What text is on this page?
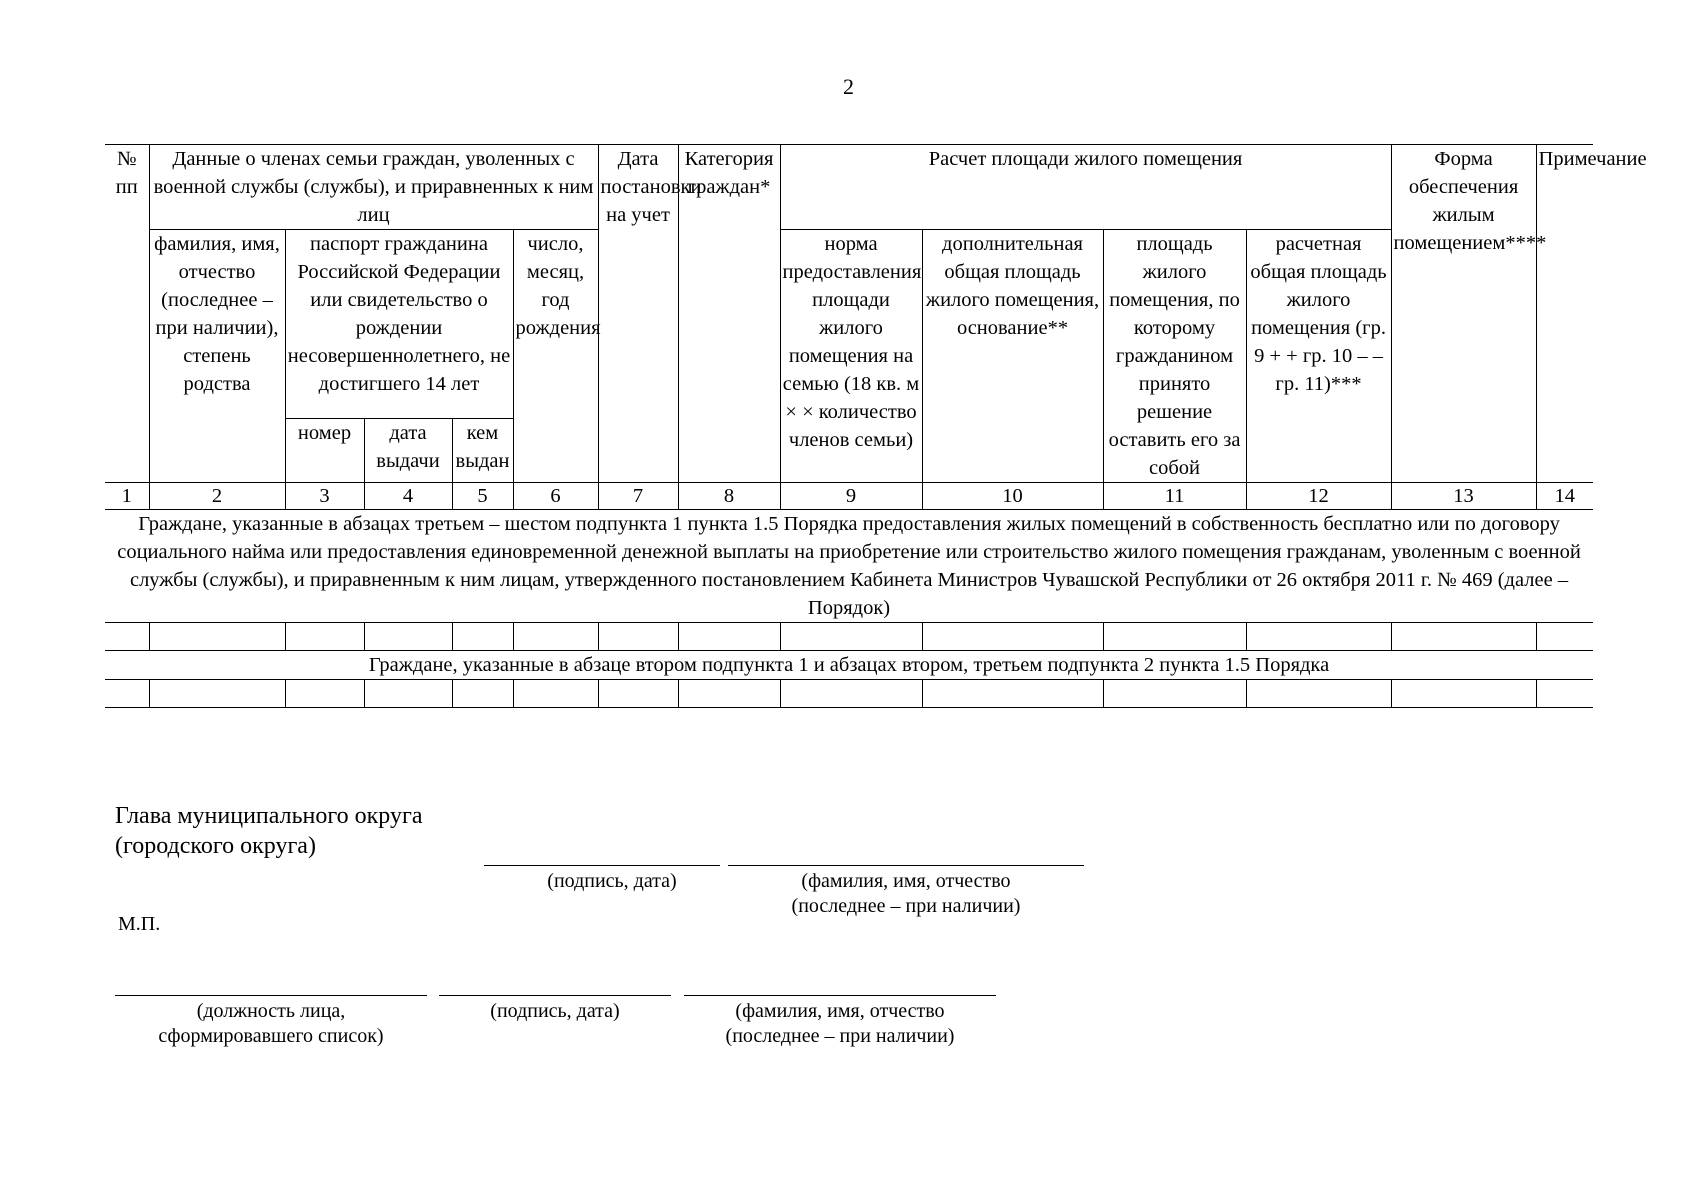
2
№ пп	Данные о членах семьи граждан, уволенных с военной службы (службы), и приравненных к ним лиц					Дата постановки на учет	Категория граждан*	Расчет площади жилого помещения				Форма обеспечения жилым помещением****	Примечание
	фамилия, имя, отчество (последнее – при наличии), степень родства	паспорт гражданина Российской Федерации или свидетельство о рождении несовершеннолетнего, не достигшего 14 лет			число, месяц, год рождения			норма предоставления площади жилого помещения на семью (18 кв. м × × количество членов семьи)	дополнительная общая площадь жилого помещения, основание**	площадь жилого помещения, по которому гражданином принято решение оставить его за собой	расчетная общая площадь жилого помещения (гр. 9 + + гр. 10 – – гр. 11)***		
		номер	дата выдачи	кем выдан									
1	2	3	4	5	6	7	8	9	10	11	12	13	14
Граждане, указанные в абзацах третьем – шестом подпункта 1 пункта 1.5 Порядка предоставления жилых помещений в собственность бесплатно или по договору социального найма или предоставления единовременной денежной выплаты на приобретение или строительство жилого помещения гражданам, уволенным с военной службы (службы), и приравненным к ним лицам, утвержденного постановлением Кабинета Министров Чувашской Республики от 26 октября 2011 г. № 469 (далее – Порядок)													

Граждане, указанные в абзаце втором подпункта 1 и абзацах втором, третьем подпункта 2 пункта 1.5 Порядка													

Глава муниципального округа
(городского округа)
(подпись, дата)	(фамилия, имя, отчество
(последнее – при наличии)
М.П.
(должность лица,
сформировавшего список)
(подпись, дата)	(фамилия, имя, отчество
(последнее – при наличии)
